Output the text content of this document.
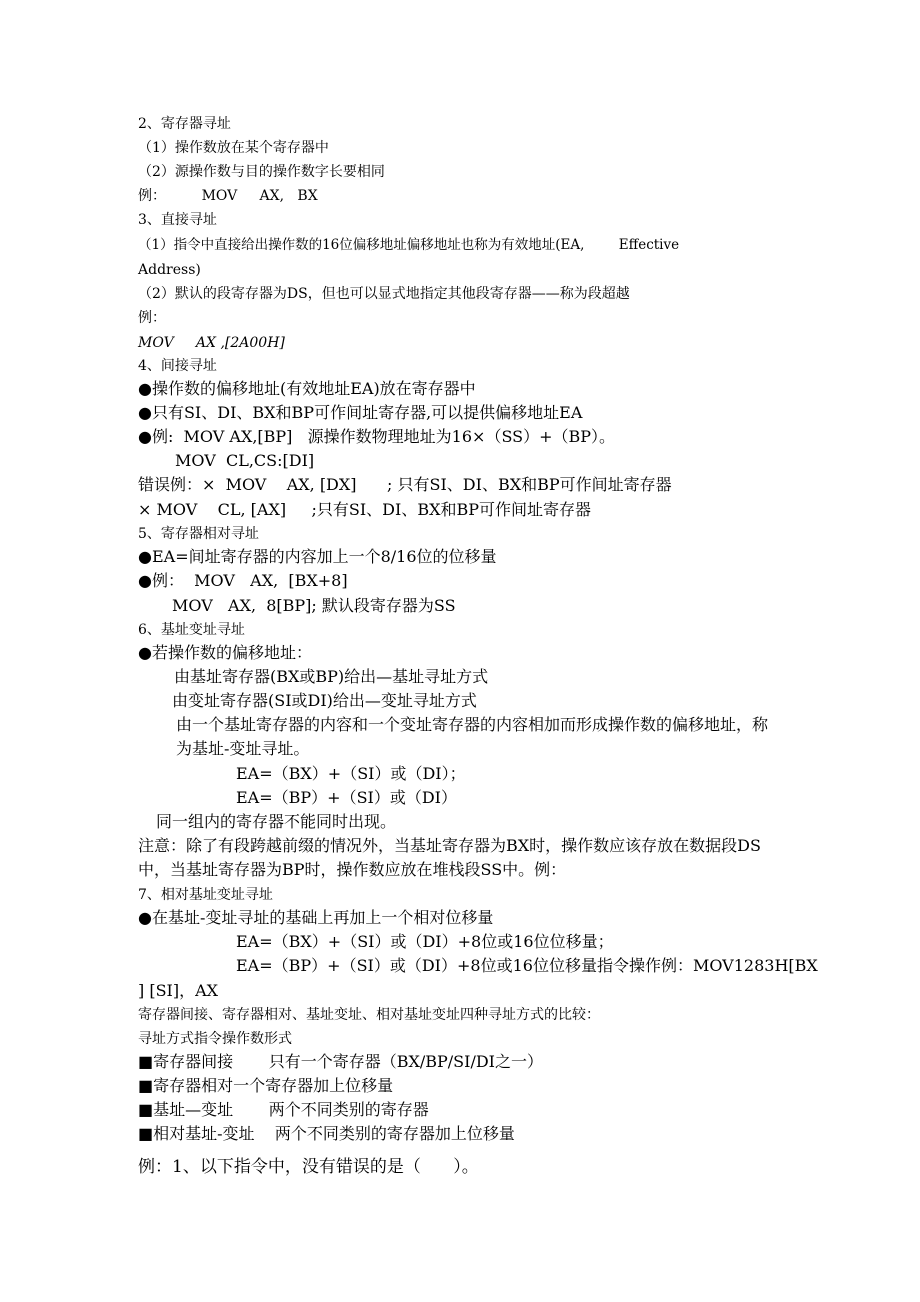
2、寄存器寻址
（1）操作数放在某个寄存器中
（2）源操作数与目的操作数字长要相同
例：        MOV     AX,   BX
3、直接寻址
（1）指令中直接给出操作数的16位偏移地址偏移地址也称为有效地址(EA,        Effective
Address)
（2）默认的段寄存器为DS，但也可以显式地指定其他段寄存器——称为段超越
例：
MOV     AX ,[2A00H]
4、间接寻址
●操作数的偏移地址(有效地址EA)放在寄存器中
●只有SI、DI、BX和BP可作间址寄存器,可以提供偏移地址EA
●例:  MOV AX,[BP]   源操作数物理地址为16×（SS）+（BP）。
MOV  CL,CS:[DI]
错误例：×  MOV    AX, [DX]      ; 只有SI、DI、BX和BP可作间址寄存器
× MOV    CL, [AX]     ;只有SI、DI、BX和BP可作间址寄存器
5、寄存器相对寻址
●EA=间址寄存器的内容加上一个8/16位的位移量
●例：  MOV   AX,  [BX+8]
MOV   AX,  8[BP]; 默认段寄存器为SS
6、基址变址寻址
●若操作数的偏移地址：
由基址寄存器(BX或BP)给出—基址寻址方式
由变址寄存器(SI或DI)给出—变址寻址方式
由一个基址寄存器的内容和一个变址寄存器的内容相加而形成操作数的偏移地址，称
为基址-变址寻址。
EA=（BX）+（SI）或（DI）；
EA=（BP）+（SI）或（DI）
同一组内的寄存器不能同时出现。
注意：除了有段跨越前缀的情况外，当基址寄存器为BX时，操作数应该存放在数据段DS
中，当基址寄存器为BP时，操作数应放在堆栈段SS中。例：
7、相对基址变址寻址
●在基址-变址寻址的基础上再加上一个相对位移量
EA=（BX）+（SI）或（DI）+8位或16位位移量；
EA=（BP）+（SI）或（DI）+8位或16位位移量指令操作例：MOV1283H[BX
] [SI]，AX
寄存器间接、寄存器相对、基址变址、相对基址变址四种寻址方式的比较：
寻址方式指令操作数形式
■寄存器间接       只有一个寄存器（BX/BP/SI/DI之一）
■寄存器相对一个寄存器加上位移量
■基址—变址       两个不同类别的寄存器
■相对基址-变址    两个不同类别的寄存器加上位移量
例：1、以下指令中，没有错误的是（      ）。
